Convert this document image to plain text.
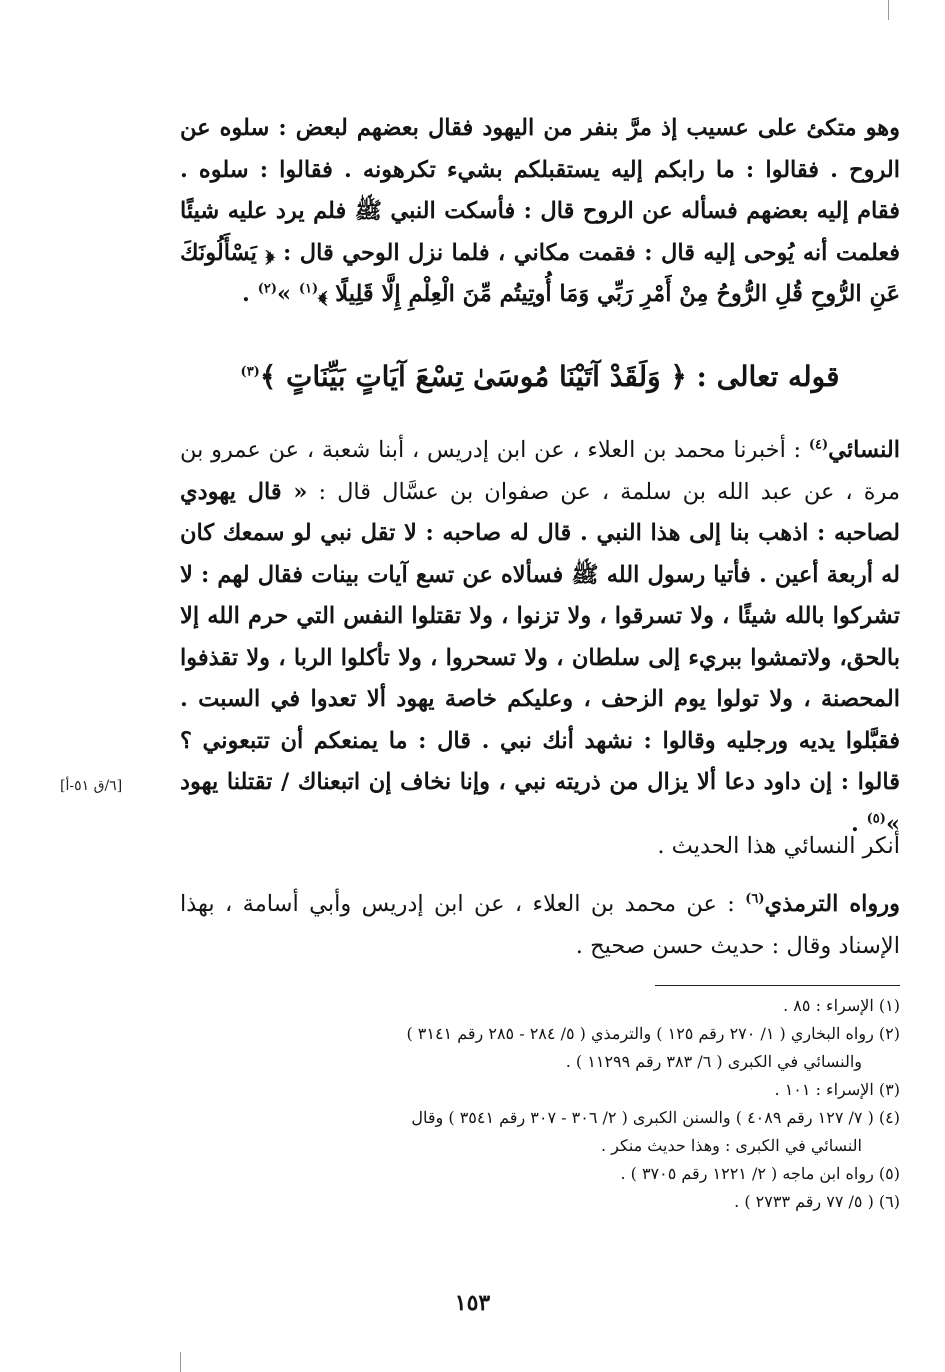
وهو متكئ على عسيب إذ مرَّ بنفر من اليهود فقال بعضهم لبعض : سلوه عن الروح . فقالوا : ما رابكم إليه يستقبلكم بشيء تكرهونه . فقالوا : سلوه . فقام إليه بعضهم فسأله عن الروح قال : فأسكت النبي ﷺ فلم يرد عليه شيئًا فعلمت أنه يُوحى إليه قال : فقمت مكاني ، فلما نزل الوحي قال : ﴿ يَسْأَلُونَكَ عَنِ الرُّوحِ قُلِ الرُّوحُ مِنْ أَمْرِ رَبِّي وَمَا أُوتِيتُم مِّنَ الْعِلْمِ إِلَّا قَلِيلًا ﴾$^{(١)}$ »$^{(٢)}$ .

قوله تعالى : ﴿ وَلَقَدْ آتَيْنَا مُوسَىٰ تِسْعَ آيَاتٍ بَيِّنَاتٍ ﴾$^{(٣)}$

النسائي$^{(٤)}$ : أخبرنا محمد بن العلاء ، عن ابن إدريس ، أبنا شعبة ، عن عمرو بن مرة ، عن عبد الله بن سلمة ، عن صفوان بن عسَّال قال : « قال يهودي لصاحبه : اذهب بنا إلى هذا النبي . قال له صاحبه : لا تقل نبي لو سمعك كان له أربعة أعين . فأتيا رسول الله ﷺ فسألاه عن تسع آيات بينات فقال لهم : لا تشركوا بالله شيئًا ، ولا تسرقوا ، ولا تزنوا ، ولا تقتلوا النفس التي حرم الله إلا بالحق، ولاتمشوا ببريء إلى سلطان ، ولا تسحروا ، ولا تأكلوا الربا ، ولا تقذفوا المحصنة ، ولا تولوا يوم الزحف ، وعليكم خاصة يهود ألا تعدوا في السبت . فقبَّلوا يديه ورجليه وقالوا : نشهد أنك نبي . قال : ما يمنعكم أن تتبعوني ؟ قالوا : إن داود دعا ألا يزال من ذريته نبي ، وإنا نخاف إن اتبعناك / تقتلنا يهود »$^{(٥)}$ .

[٦/ق ٥١-أ]

أنكر النسائي هذا الحديث .

ورواه الترمذي$^{(٦)}$ : عن محمد بن العلاء ، عن ابن إدريس وأبي أسامة ، بهذا الإسناد وقال : حديث حسن صحيح .

(١) الإسراء : ٨٥ .

(٢) رواه البخاري ( ١/ ٢٧٠ رقم ١٢٥ ) والترمذي ( ٥/ ٢٨٤ - ٢٨٥ رقم ٣١٤١ )

والنسائي في الكبرى ( ٦/ ٣٨٣ رقم ١١٢٩٩ ) .

(٣) الإسراء : ١٠١ .

(٤) ( ٧/ ١٢٧ رقم ٤٠٨٩ ) والسنن الكبرى ( ٢/ ٣٠٦ - ٣٠٧ رقم ٣٥٤١ ) وقال

النسائي في الكبرى : وهذا حديث منكر .

(٥) رواه ابن ماجه ( ٢/ ١٢٢١ رقم ٣٧٠٥ ) .

(٦) ( ٥/ ٧٧ رقم ٢٧٣٣ ) .

١٥٣
